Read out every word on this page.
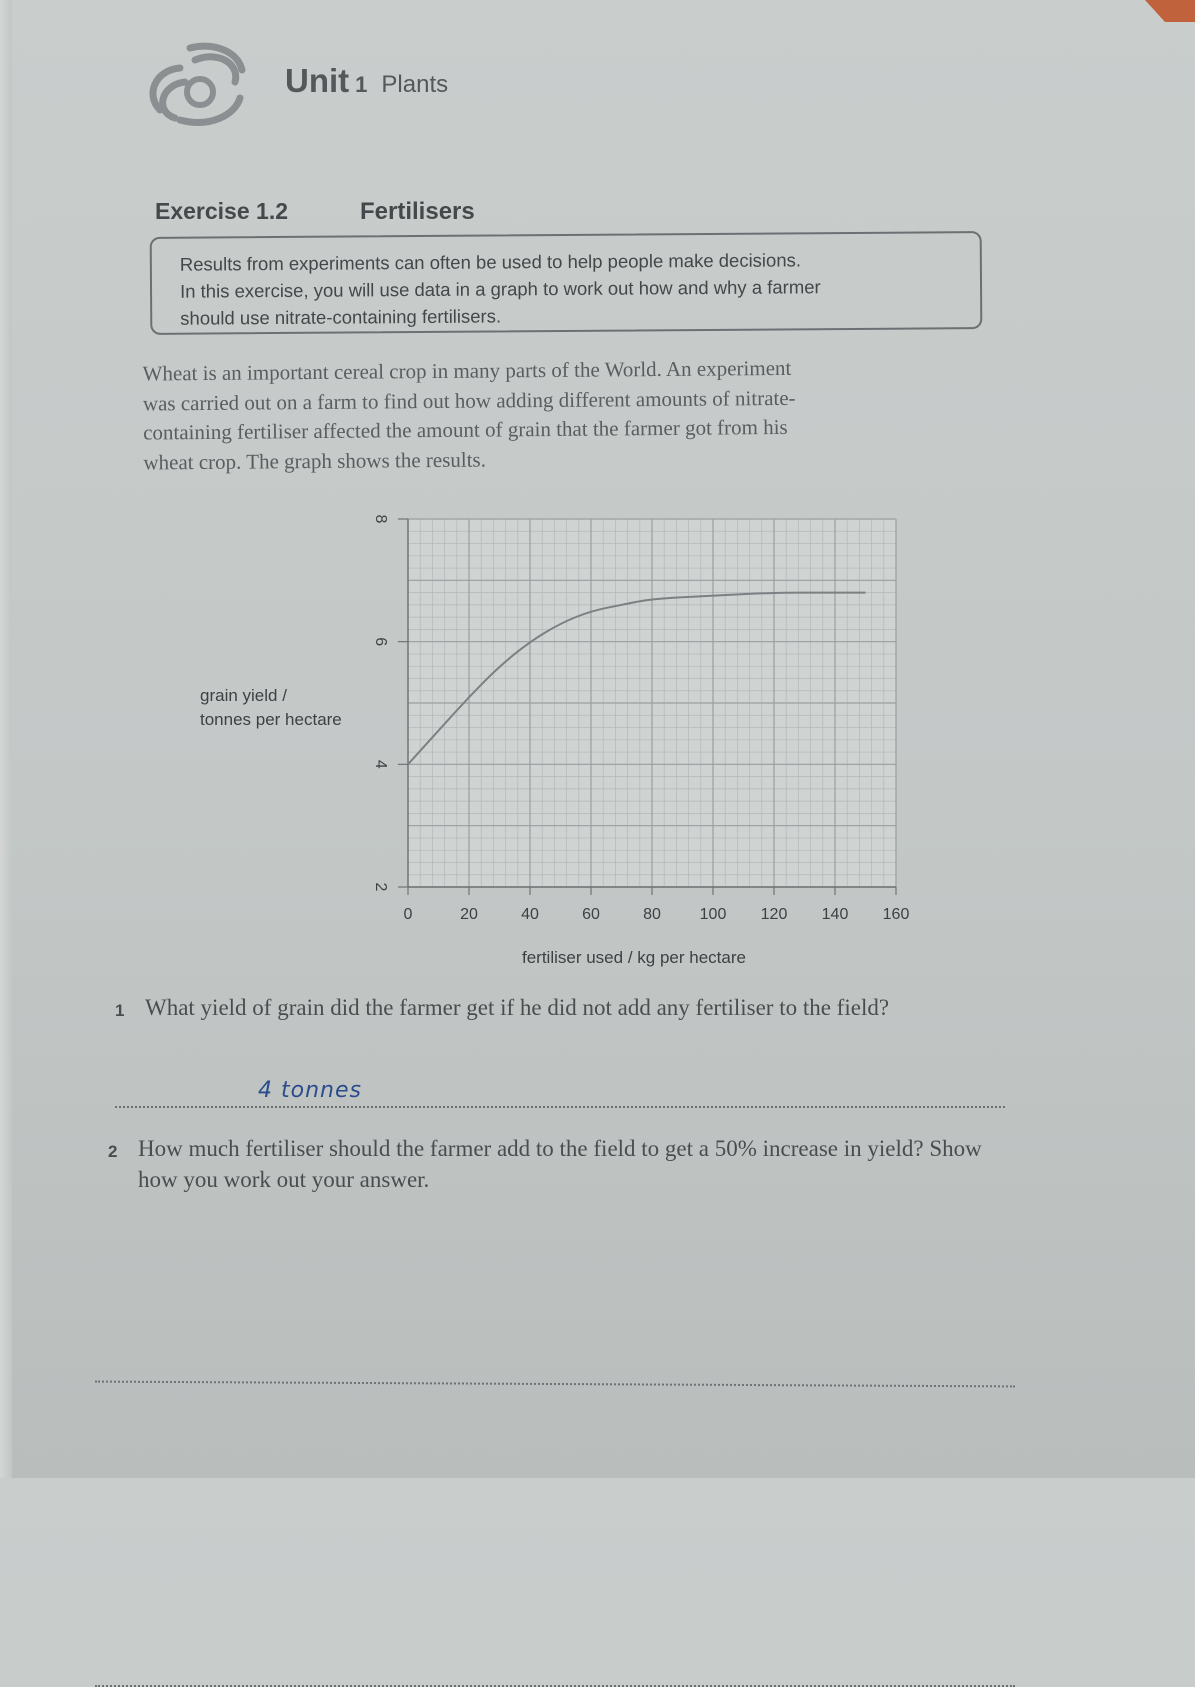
Unit 1 Plants
Exercise 1.2	Fertilisers

Results from experiments can often be used to help people make decisions.

In this exercise, you will use data in a graph to work out how and why a farmer

should use nitrate-containing fertilisers.

Wheat is an important cereal crop in many parts of the World. An experiment

was carried out on a farm to find out how adding different amounts of nitrate-

containing fertiliser affected the amount of grain that the farmer got from his

wheat crop. The graph shows the results.

grain yield /
tonnes per hectare
0	20	40	60	80 100 120 140 160
2
4
6
8
fertiliser used / kg per hectare
1 What yield of grain did the farmer get if he did not add any fertiliser to the field?
4 tonnes
2 How much fertiliser should the farmer add to the field to get a 50% increase in yield? Show how you work out your answer.
